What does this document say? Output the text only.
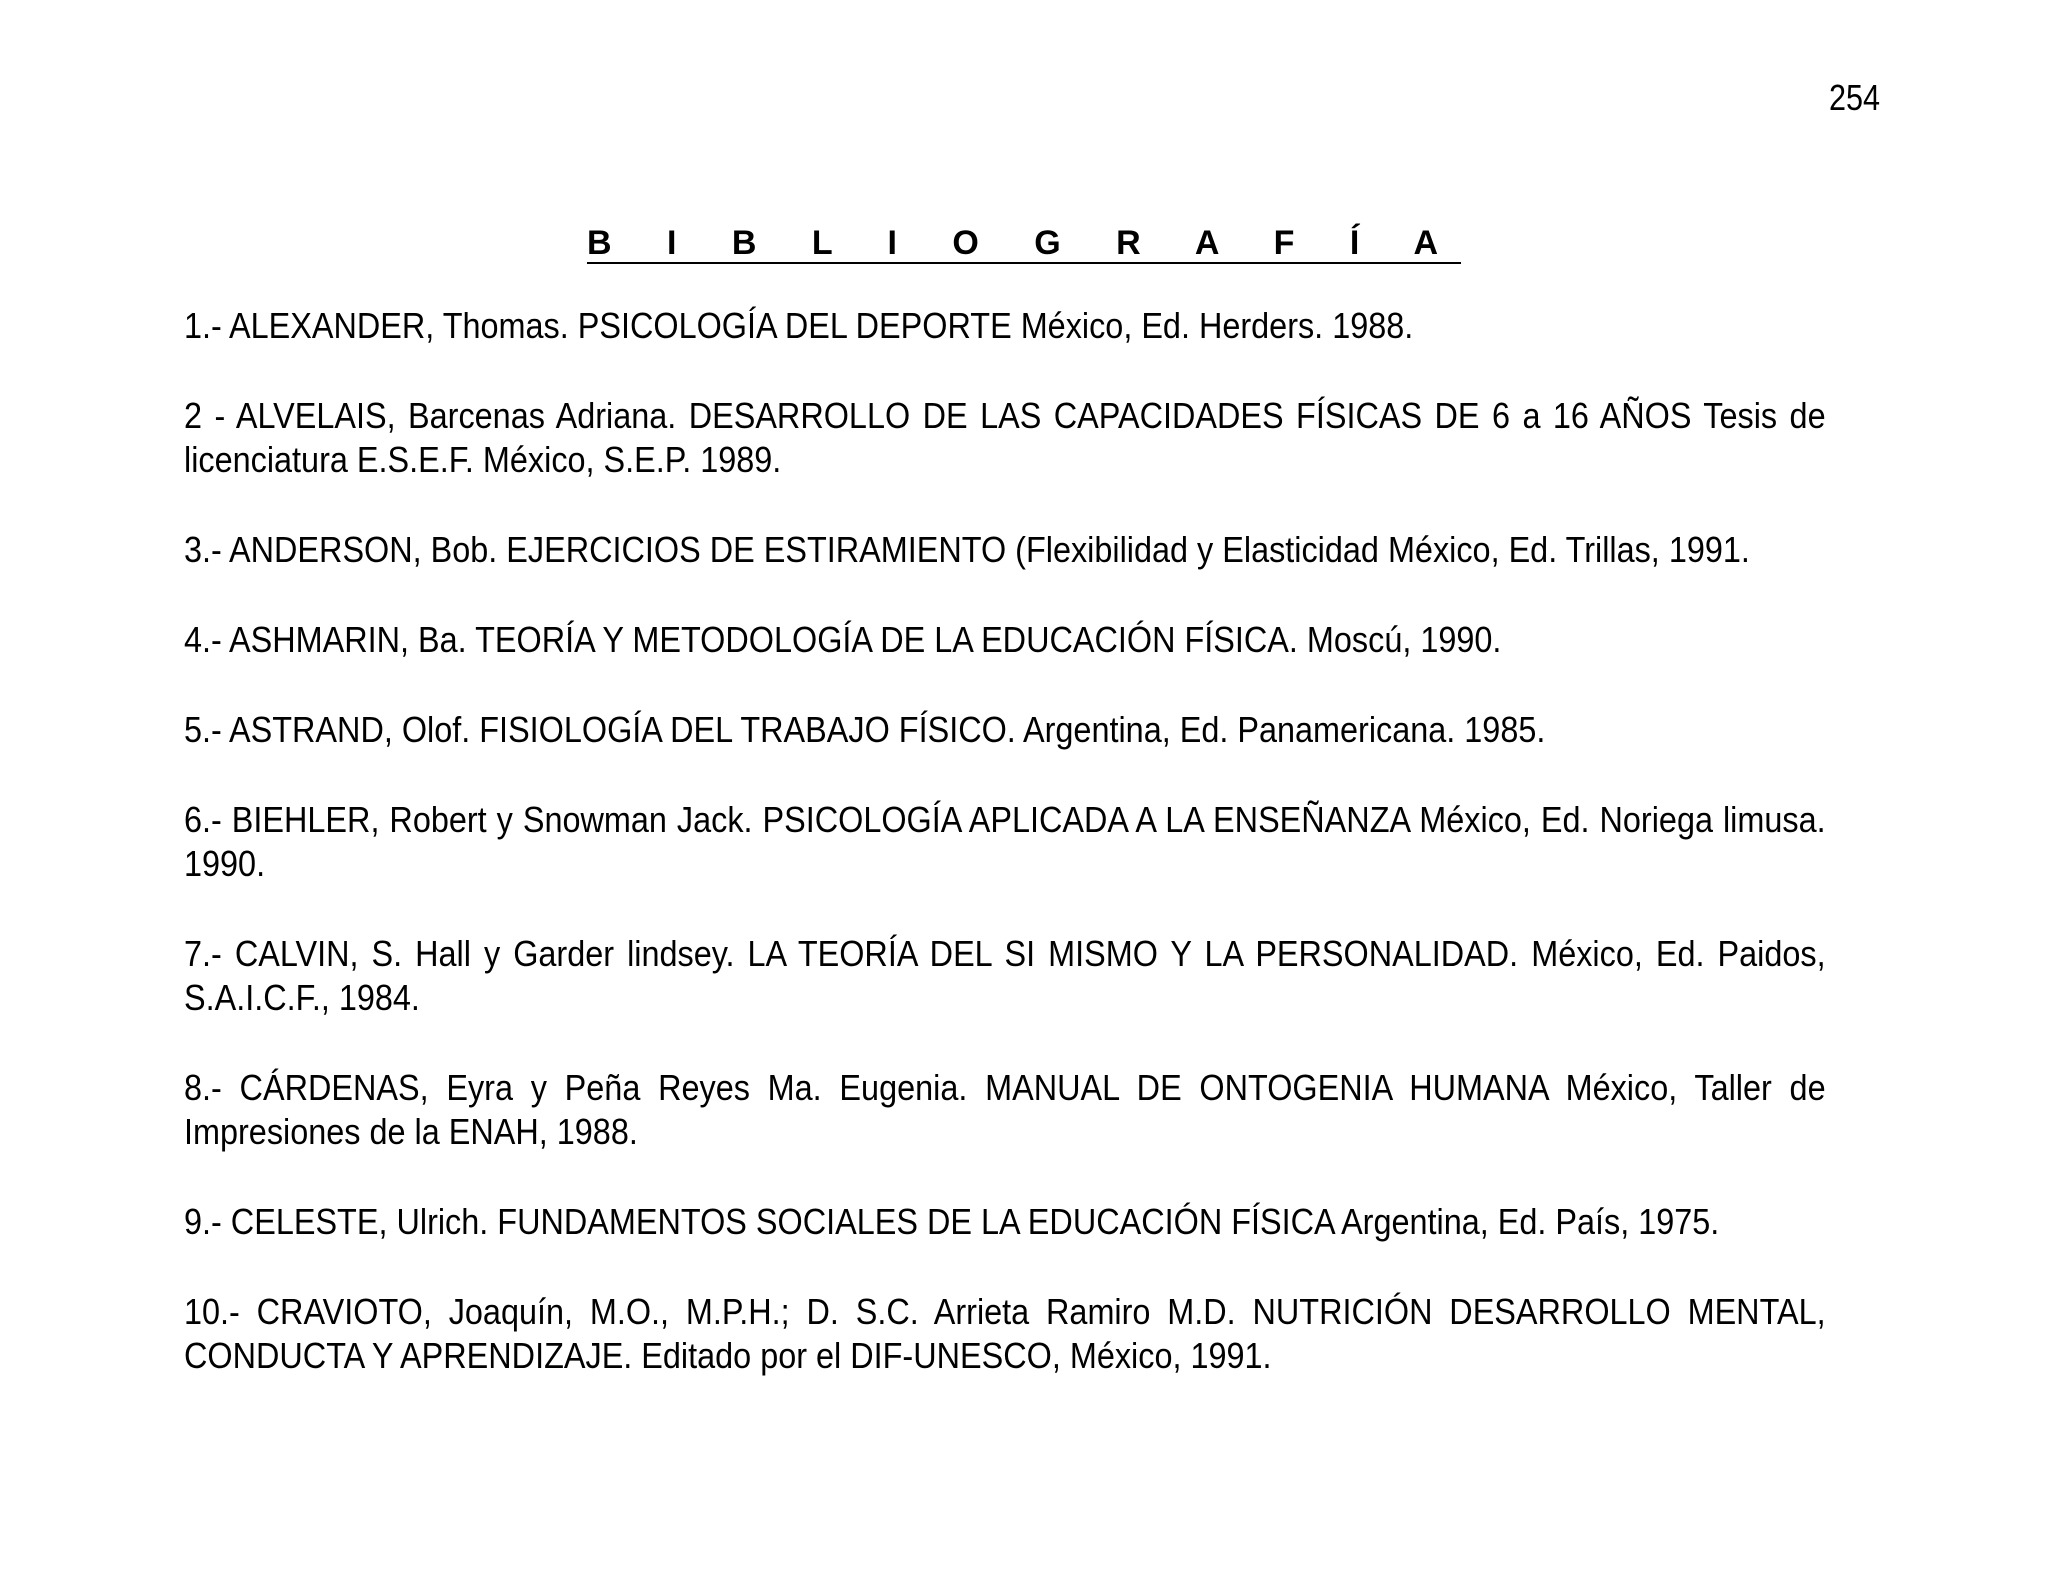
254
B I B L I O G R A F Í A
1.- ALEXANDER, Thomas. PSICOLOGÍA DEL DEPORTE México, Ed. Herders. 1988.
2 - ALVELAIS, Barcenas Adriana. DESARROLLO DE LAS CAPACIDADES FÍSICAS DE 6 a 16 AÑOS Tesis de licenciatura E.S.E.F. México, S.E.P. 1989.
3.- ANDERSON, Bob. EJERCICIOS DE ESTIRAMIENTO (Flexibilidad y Elasticidad México, Ed. Trillas, 1991.
4.- ASHMARIN, Ba. TEORÍA Y METODOLOGÍA DE LA EDUCACIÓN FÍSICA. Moscú, 1990.
5.- ASTRAND, Olof. FISIOLOGÍA DEL TRABAJO FÍSICO. Argentina, Ed. Panamericana. 1985.
6.- BIEHLER, Robert y Snowman Jack. PSICOLOGÍA APLICADA A LA ENSEÑANZA México, Ed. Noriega limusa. 1990.
7.- CALVIN, S. Hall y Garder lindsey. LA TEORÍA DEL SI MISMO Y LA PERSONALIDAD. México, Ed. Paidos, S.A.I.C.F., 1984.
8.- CÁRDENAS, Eyra y Peña Reyes Ma. Eugenia. MANUAL DE ONTOGENIA HUMANA México, Taller de Impresiones de la ENAH, 1988.
9.- CELESTE, Ulrich. FUNDAMENTOS SOCIALES DE LA EDUCACIÓN FÍSICA Argentina, Ed. País, 1975.
10.- CRAVIOTO, Joaquín, M.O., M.P.H.; D. S.C. Arrieta Ramiro M.D. NUTRICIÓN DESARROLLO MENTAL, CONDUCTA Y APRENDIZAJE. Editado por el DIF-UNESCO, México, 1991.
